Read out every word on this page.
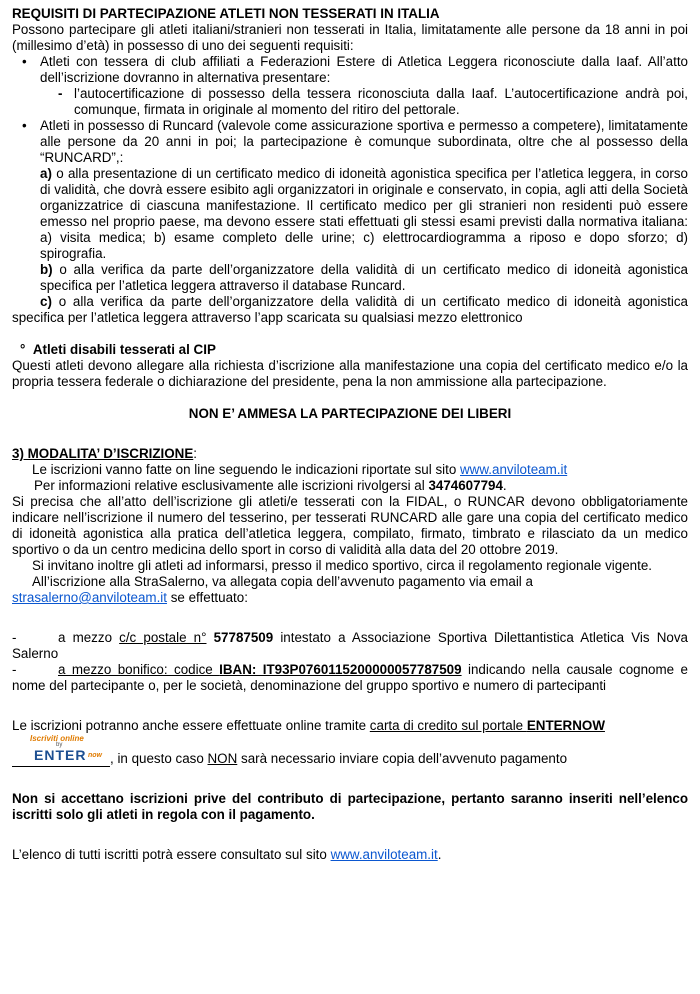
REQUISITI DI PARTECIPAZIONE ATLETI NON TESSERATI IN ITALIA

Possono partecipare gli atleti italiani/stranieri non tesserati in Italia, limitatamente alle persone da 18 anni in poi (millesimo d’età) in possesso di uno dei seguenti requisiti:

• Atleti con tessera di club affiliati a Federazioni Estere di Atletica Leggera riconosciute dalla Iaaf. All’atto dell’iscrizione dovranno in alternativa presentare:

- l’autocertificazione di possesso della tessera riconosciuta dalla Iaaf. L’autocertificazione andrà poi, comunque, firmata in originale al momento del ritiro del pettorale.

• Atleti in possesso di Runcard (valevole come assicurazione sportiva e permesso a competere), limitatamente alle persone da 20 anni in poi; la partecipazione è comunque subordinata, oltre che al possesso della “RUNCARD”,:

a) o alla presentazione di un certificato medico di idoneità agonistica specifica per l’atletica leggera, in corso di validità, che dovrà essere esibito agli organizzatori in originale e conservato, in copia, agli atti della Società organizzatrice di ciascuna manifestazione. Il certificato medico per gli stranieri non residenti può essere emesso nel proprio paese, ma devono essere stati effettuati gli stessi esami previsti dalla normativa italiana: a) visita medica; b) esame completo delle urine; c) elettrocardiogramma a riposo e dopo sforzo; d) spirografia.

b) o alla verifica da parte dell’organizzatore della validità di un certificato medico di idoneità agonistica specifica per l’atletica leggera attraverso il database Runcard.

c) o alla verifica da parte dell’organizzatore della validità di un certificato medico di idoneità agonistica specifica per l’atletica leggera attraverso l’app scaricata su qualsiasi mezzo elettronico

° Atleti disabili tesserati al CIP

Questi atleti devono allegare alla richiesta d’iscrizione alla manifestazione una copia del certificato medico e/o la propria tessera federale o dichiarazione del presidente, pena la non ammissione alla partecipazione.

NON E’ AMMESA LA PARTECIPAZIONE DEI LIBERI

3) MODALITA’ D’ISCRIZIONE:

Le iscrizioni vanno fatte on line seguendo le indicazioni riportate sul sito www.anviloteam.it

Per informazioni relative esclusivamente alle iscrizioni rivolgersi al 3474607794.

Si precisa che all’atto dell’iscrizione gli atleti/e tesserati con la FIDAL, o RUNCAR devono obbligatoriamente indicare nell’iscrizione il numero del tesserino, per tesserati RUNCARD alle gare una copia del certificato medico di idoneità agonistica alla pratica dell’atletica leggera, compilato, firmato, timbrato e rilasciato da un medico sportivo o da un centro medicina dello sport in corso di validità alla data del 20 ottobre 2019.

Si invitano inoltre gli atleti ad informarsi, presso il medico sportivo, circa il regolamento regionale vigente.

All’iscrizione alla StraSalerno, va allegata copia dell’avvenuto pagamento via email a

strasalerno@anviloteam.it se effettuato:

-	a mezzo c/c postale n° 57787509 intestato a Associazione Sportiva Dilettantistica Atletica Vis Nova Salerno

-	a mezzo bonifico: codice IBAN: IT93P0760115200000057787509 indicando nella causale cognome e nome del partecipante o, per le società, denominazione del gruppo sportivo e numero di partecipanti

Le iscrizioni potranno anche essere effettuate online tramite carta di credito sul portale ENTERNOW

Iscriviti online
by
ENTER now , in questo caso NON sarà necessario inviare copia dell’avvenuto pagamento

Non si accettano iscrizioni prive del contributo di partecipazione, pertanto saranno inseriti nell’elenco iscritti solo gli atleti in regola con il pagamento.

L’elenco di tutti iscritti potrà essere consultato sul sito www.anviloteam.it.
